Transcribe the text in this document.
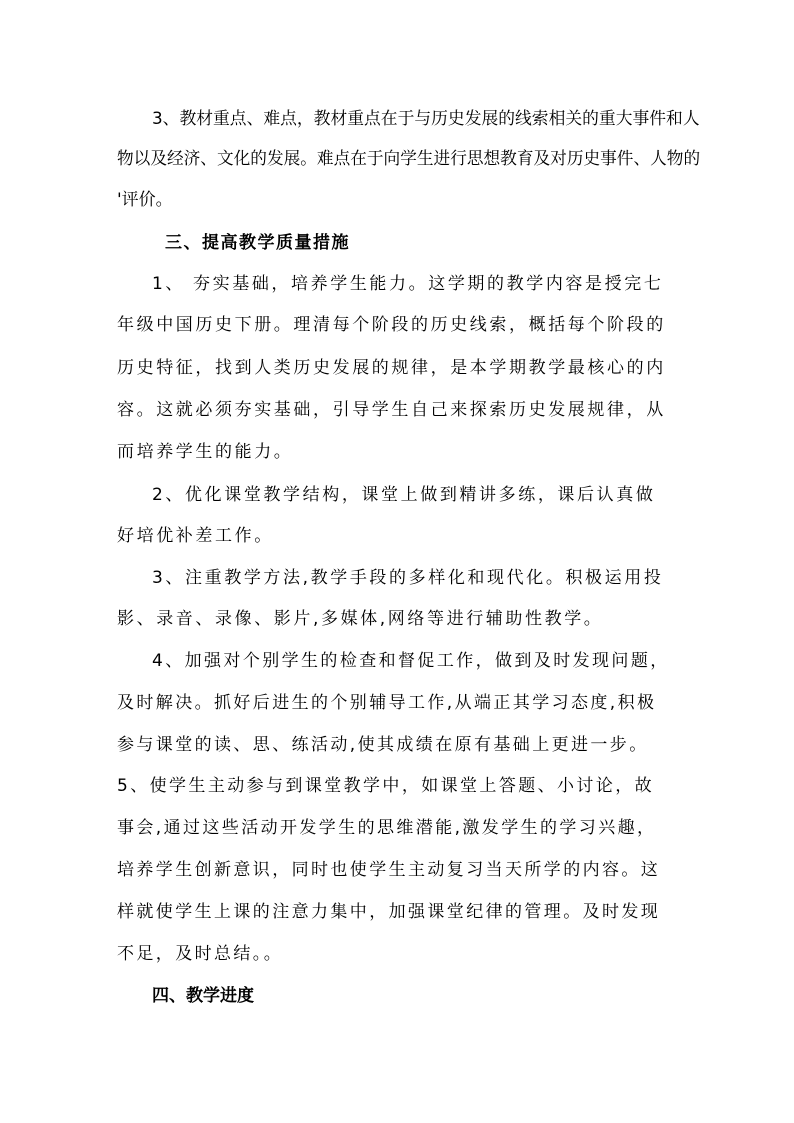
3、教材重点、难点，教材重点在于与历史发展的线索相关的重大事件和人
物以及经济、文化的发展。难点在于向学生进行思想教育及对历史事件、人物的
'评价。
三、提高教学质量措施
1、 夯实基础，培养学生能力。这学期的教学内容是授完七
年级中国历史下册。理清每个阶段的历史线索，概括每个阶段的
历史特征，找到人类历史发展的规律，是本学期教学最核心的内
容。这就必须夯实基础，引导学生自己来探索历史发展规律，从
而培养学生的能力。
2、优化课堂教学结构，课堂上做到精讲多练，课后认真做
好培优补差工作。
3、注重教学方法,教学手段的多样化和现代化。积极运用投
影、录音、录像、影片,多媒体,网络等进行辅助性教学。
4、加强对个别学生的检查和督促工作，做到及时发现问题，
及时解决。抓好后进生的个别辅导工作,从端正其学习态度,积极
参与课堂的读、思、练活动,使其成绩在原有基础上更进一步。
5、使学生主动参与到课堂教学中，如课堂上答题、小讨论，故
事会,通过这些活动开发学生的思维潜能,激发学生的学习兴趣，
培养学生创新意识，同时也使学生主动复习当天所学的内容。这
样就使学生上课的注意力集中，加强课堂纪律的管理。及时发现
不足，及时总结。。
四、教学进度
